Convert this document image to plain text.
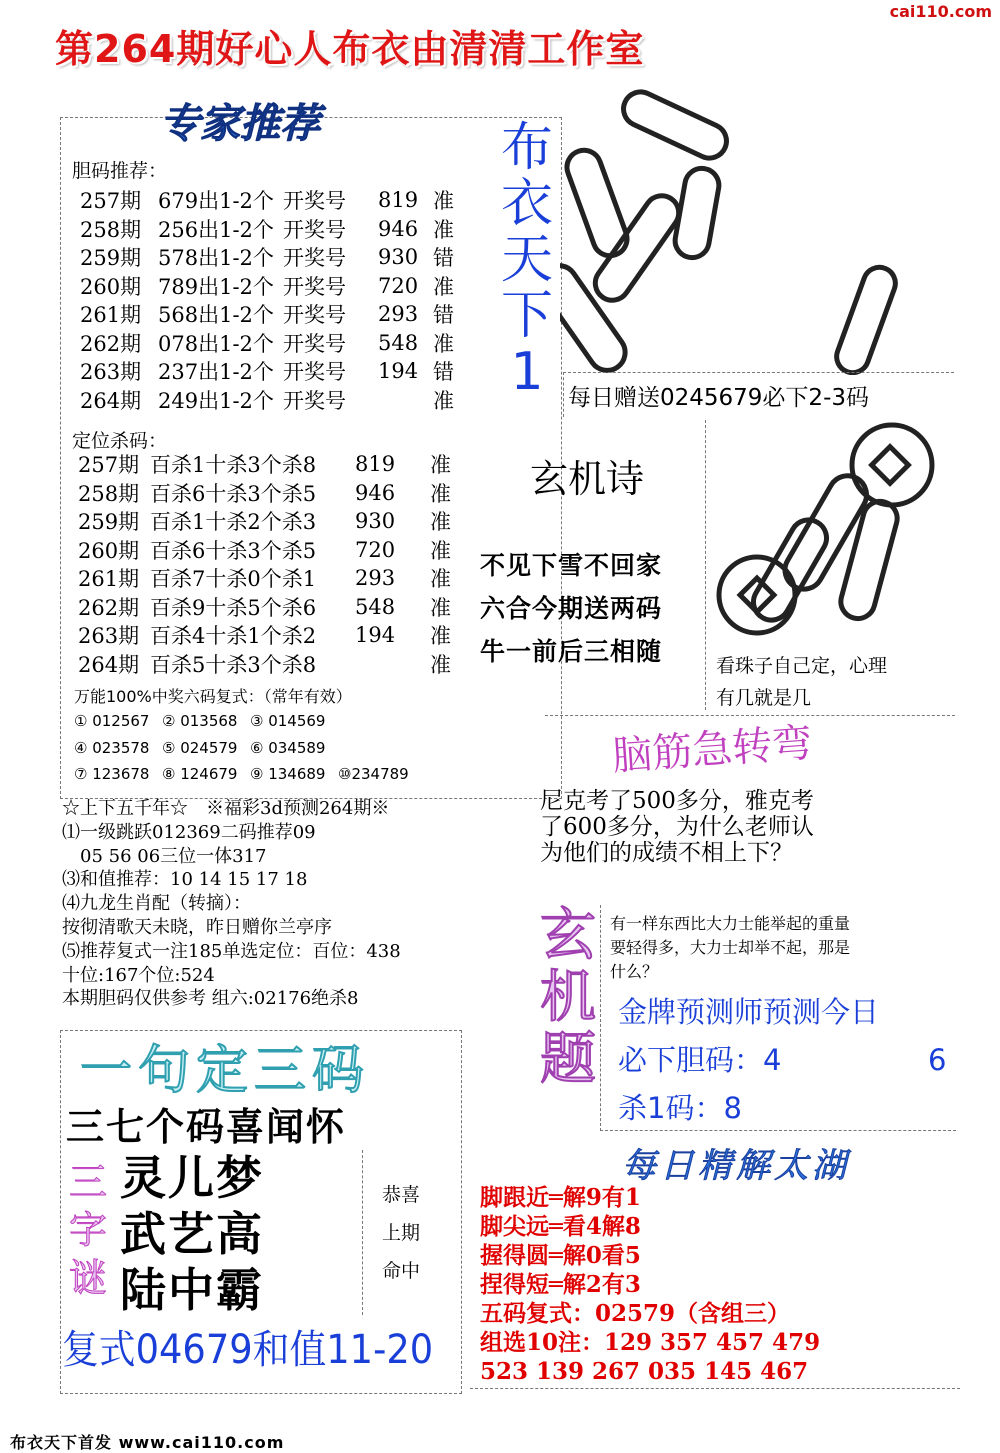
第264期好心人布衣由清清工作室
cai110.com
专家推荐
胆码推荐：
257期 679出1-2个 开奖号	819 准
258期 256出1-2个 开奖号	946 准
259期 578出1-2个 开奖号	930 错
260期 789出1-2个 开奖号	720 准
261期 568出1-2个 开奖号	293 错
262期 078出1-2个 开奖号	548 准
263期 237出1-2个 开奖号	194 错
264期 249出1-2个 开奖号	准
定位杀码：
257期 百杀1十杀3个杀8	819	准
258期 百杀6十杀3个杀5	946	准
259期 百杀1十杀2个杀3	930	准
260期 百杀6十杀3个杀5	720	准
261期 百杀7十杀0个杀1	293	准
262期 百杀9十杀5个杀6	548	准
263期 百杀4十杀1个杀2	194	准
264期 百杀5十杀3个杀8	准
万能100%中奖六码复式：（常年有效）
① 012567 ② 013568 ③ 014569
④ 023578 ⑤ 024579 ⑥ 034589
⑦ 123678 ⑧ 124679 ⑨ 134689 ⑩234789
☆上下五千年☆　※福彩3d预测264期※
⑴一级跳跃012369二码推荐09
　05 56 06三位一体317
⑶和值推荐：10 14 15 17 18
⑷九龙生肖配（转摘）：
按彻清歌天未晓，昨日赠你兰亭序
⑸推荐复式一注185单选定位：百位：438
十位:167个位:524
本期胆码仅供参考 组六:02176绝杀8
布
衣
天
下
1	每日赠送0245679必下2-3码
玄机诗
不见下雪不回家
六合今期送两码
牛一前后三相随	看珠子自己定，心理
有几就是几
脑筋急转弯
尼克考了500多分，雅克考
了600多分，为什么老师认
为他们的成绩不相上下？
玄
机
题
有一样东西比大力士能举起的重量
要轻得多，大力士却举不起，那是
什么？
金牌预测师预测今日
必下胆码：4	6
杀1码：8
一句定三码
三七个码喜闻怀
三
字
谜
灵儿梦
武艺高
陆中霸
恭喜
上期
命中
复式04679和值11-20
每日精解太湖
脚跟近═解9有1
脚尖远═看4解8
握得圆═解0看5
捏得短═解2有3
五码复式：02579（含组三）
组选10注：129 357 457 479
523 139 267 035 145 467
布衣天下首发 www.cai110.com
